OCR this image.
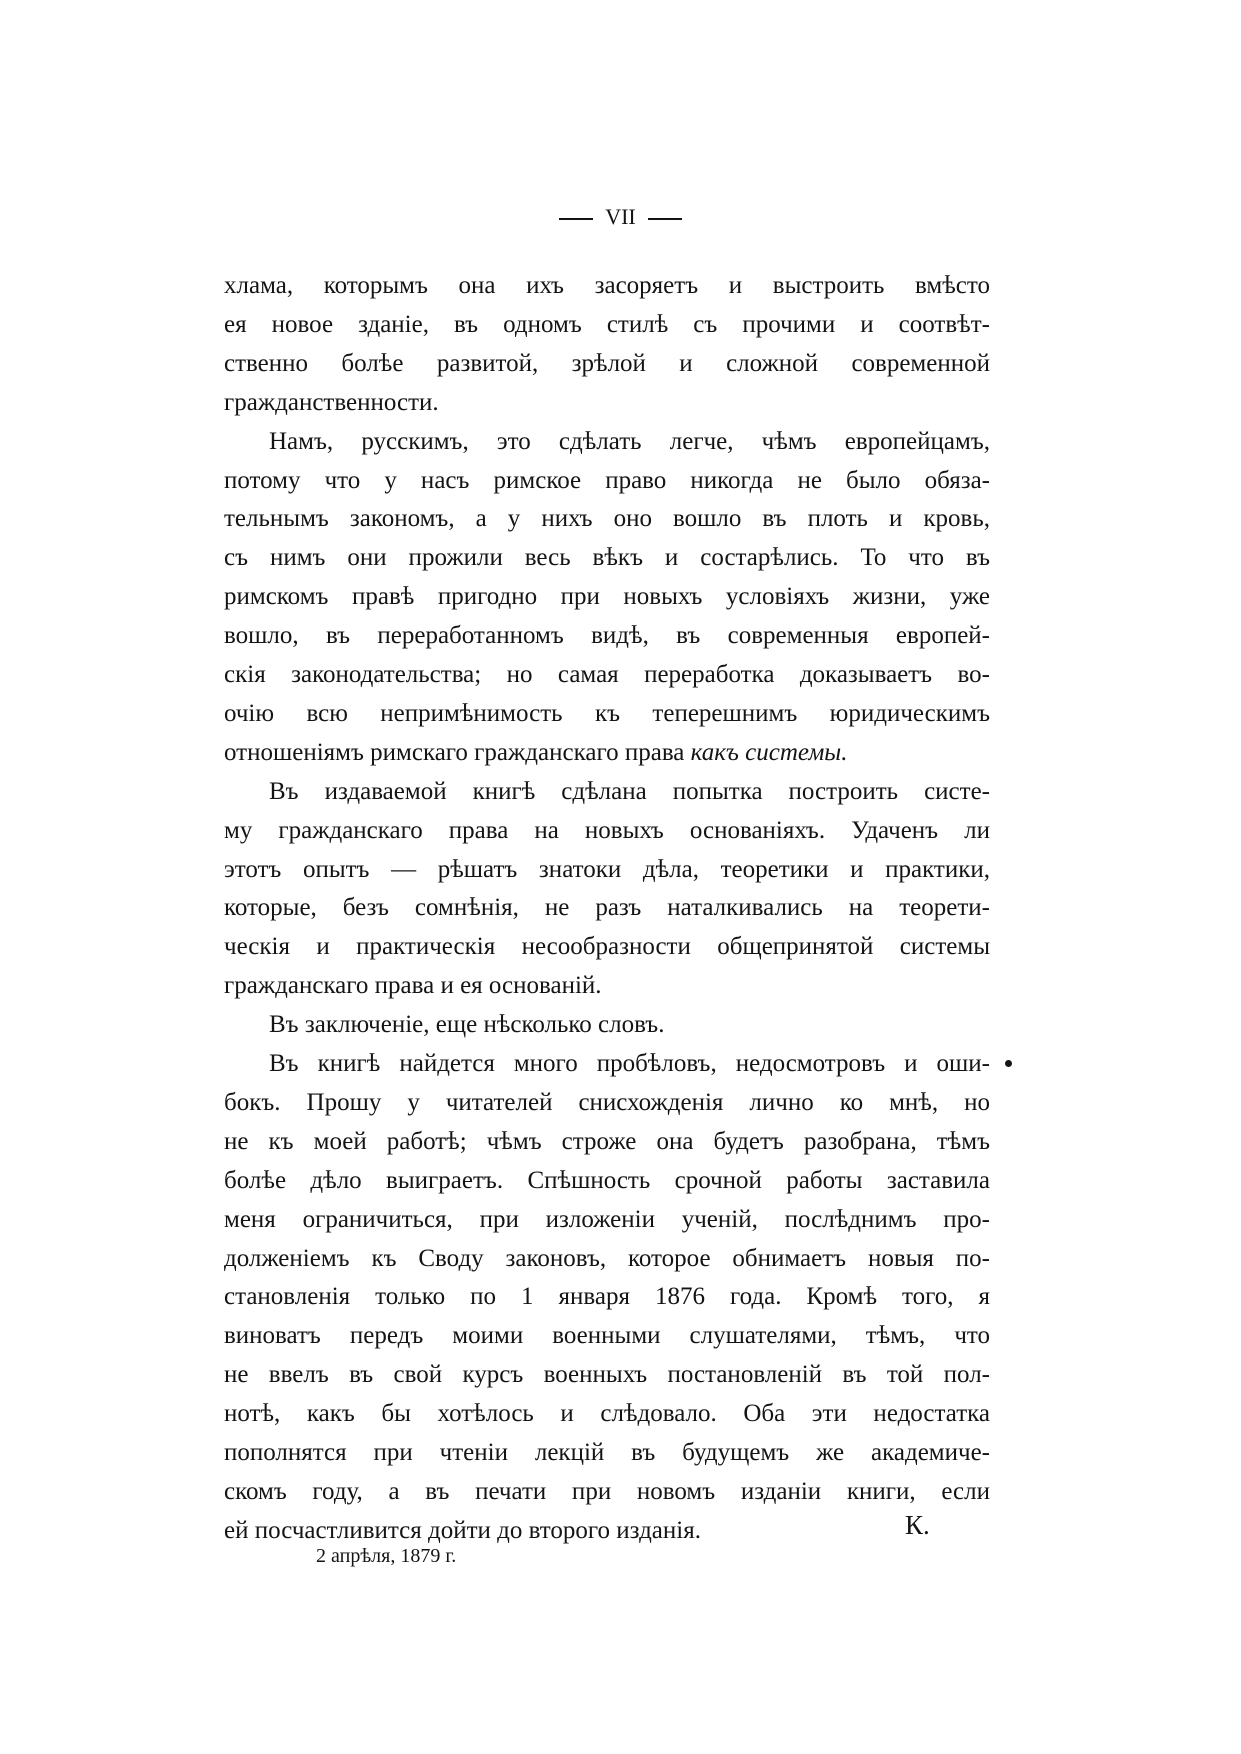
VII
хлама, которымъ она ихъ засоряетъ и выстроить вмѣсто
ея новое зданіе, въ одномъ стилѣ съ прочими и соотвѣт-
ственно болѣе развитой, зрѣлой и сложной современной
гражданственности.
Намъ, русскимъ, это сдѣлать легче, чѣмъ европейцамъ,
потому что у насъ римское право никогда не было обяза-
тельнымъ закономъ, а у нихъ оно вошло въ плоть и кровь,
съ нимъ они прожили весь вѣкъ и состарѣлись. То что въ
римскомъ правѣ пригодно при новыхъ условіяхъ жизни, уже
вошло, въ переработанномъ видѣ, въ современныя европей-
скія законодательства; но самая переработка доказываетъ во-
очію всю непримѣнимость къ теперешнимъ юридическимъ
отношеніямъ римскаго гражданскаго права какъ системы.
Въ издаваемой книгѣ сдѣлана попытка построить систе-
му гражданскаго права на новыхъ основаніяхъ. Удаченъ ли
этотъ опытъ — рѣшатъ знатоки дѣла, теоретики и практики,
которые, безъ сомнѣнія, не разъ наталкивались на теорети-
ческія и практическія несообразности общепринятой системы
гражданскаго права и ея основаній.
Въ заключеніе, еще нѣсколько словъ.
Въ книгѣ найдется много пробѣловъ, недосмотровъ и оши-
бокъ. Прошу у читателей снисхожденія лично ко мнѣ, но
не къ моей работѣ; чѣмъ строже она будетъ разобрана, тѣмъ
болѣе дѣло выиграетъ. Спѣшность срочной работы заставила
меня ограничиться, при изложеніи ученій, послѣднимъ про-
долженіемъ къ Своду законовъ, которое обнимаетъ новыя по-
становленія только по 1 января 1876 года. Кромѣ того, я
виноватъ передъ моими военными слушателями, тѣмъ, что
не ввелъ въ свой курсъ военныхъ постановленій въ той пол-
нотѣ, какъ бы хотѣлось и слѣдовало. Оба эти недостатка
пополнятся при чтеніи лекцій въ будущемъ же академиче-
скомъ году, а въ печати при новомъ изданіи книги, если
ей посчастливится дойти до второго изданія.	К.
2 апрѣля, 1879 г.
